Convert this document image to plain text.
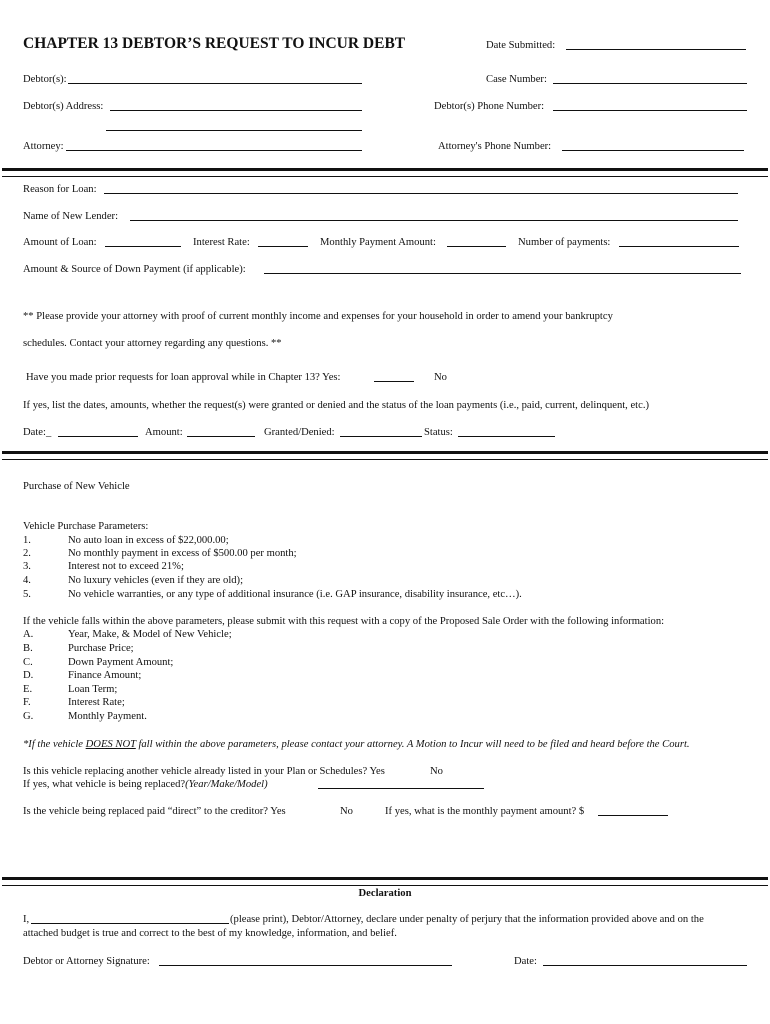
CHAPTER 13 DEBTOR’S REQUEST TO INCUR DEBT	Date Submitted:
Debtor(s):	Case Number:
Debtor(s) Address:	Debtor(s) Phone Number:
Attorney:	Attorney's Phone Number:
Reason for Loan:
Name of New Lender:
Amount of Loan:	Interest Rate:	Monthly Payment Amount:	Number of payments:
Amount & Source of Down Payment (if applicable):
** Please provide your attorney with proof of current monthly income and expenses for your household in order to amend your bankruptcy
schedules. Contact your attorney regarding any questions. **
Have you made prior requests for loan approval while in Chapter 13? Yes:	No
If yes, list the dates, amounts, whether the request(s) were granted or denied and the status of the loan payments (i.e., paid, current, delinquent, etc.)
Date:_	Amount:	Granted/Denied:	Status:
Purchase of New Vehicle
Vehicle Purchase Parameters:
1.	No auto loan in excess of $22,000.00;
2.	No monthly payment in excess of $500.00 per month;
3.	Interest not to exceed 21%;
4.	No luxury vehicles (even if they are old);
5.	No vehicle warranties, or any type of additional insurance (i.e. GAP insurance, disability insurance, etc…).
If the vehicle falls within the above parameters, please submit with this request with a copy of the Proposed Sale Order with the following information:
A.	Year, Make, & Model of New Vehicle;
B.	Purchase Price;
C.	Down Payment Amount;
D.	Finance Amount;
E.	Loan Term;
F.	Interest Rate;
G.	Monthly Payment.
*If the vehicle DOES NOT fall within the above parameters, please contact your attorney. A Motion to Incur will need to be filed and heard before the Court.
Is this vehicle replacing another vehicle already listed in your Plan or Schedules? Yes	No
If yes, what vehicle is being replaced?(Year/Make/Model)
Is the vehicle being replaced paid “direct” to the creditor? Yes	No	If yes, what is the monthly payment amount? $
Declaration
I,	(please print), Debtor/Attorney, declare under penalty of perjury that the information provided above and on the
attached budget is true and correct to the best of my knowledge, information, and belief.
Debtor or Attorney Signature:	Date:
